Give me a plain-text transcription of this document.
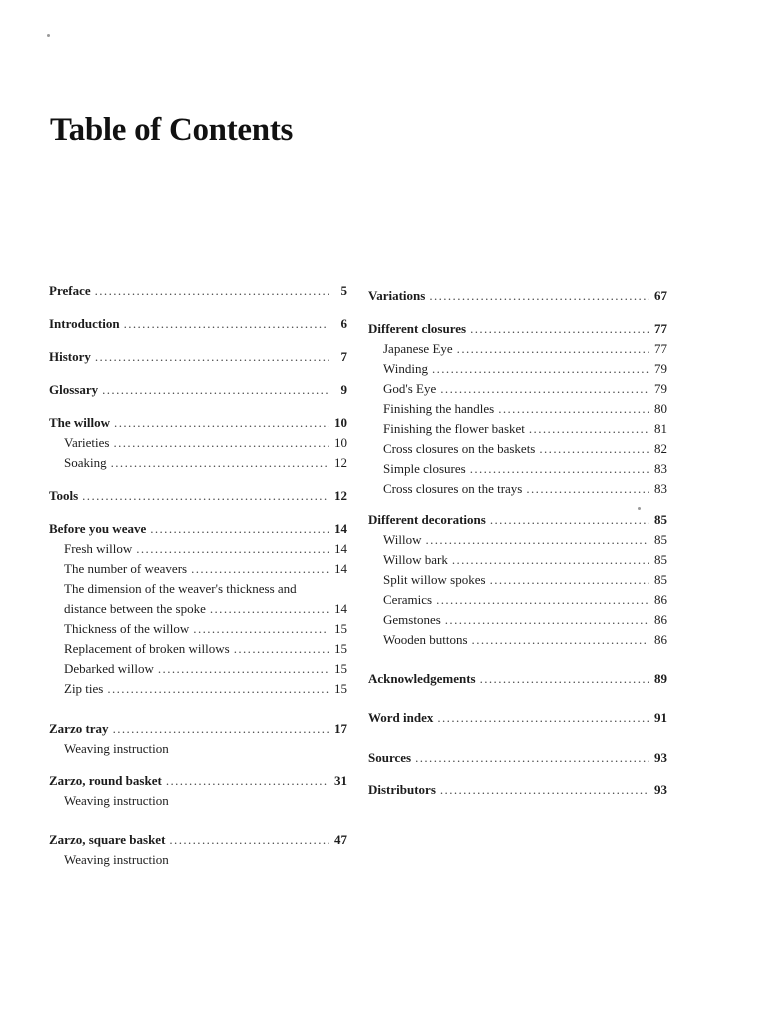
Table of Contents
Preface .....	5
Introduction .....	6
History .....	7
Glossary .....	9
The willow .....	10
Varieties .....	10
Soaking .....	12
Tools .....	12
Before you weave .....	14
Fresh willow .....	14
The number of weavers .....	14
The dimension of the weaver's thickness and
distance between the spoke .....	14
Thickness of the willow .....	15
Replacement of broken willows .....	15
Debarked willow .....	15
Zip ties .....	15
Zarzo tray .....	17
Weaving instruction
Zarzo, round basket .....	31
Weaving instruction
Zarzo, square basket .....	47
Weaving instruction
Variations .....	67
Different closures .....	77
Japanese Eye .....	77
Winding .....	79
God's Eye .....	79
Finishing the handles .....	80
Finishing the flower basket .....	81
Cross closures on the baskets .....	82
Simple closures .....	83
Cross closures on the trays .....	83
Different decorations .....	85
Willow .....	85
Willow bark .....	85
Split willow spokes .....	85
Ceramics .....	86
Gemstones .....	86
Wooden buttons .....	86
Acknowledgements .....	89
Word index .....	91
Sources .....	93
Distributors .....	93
